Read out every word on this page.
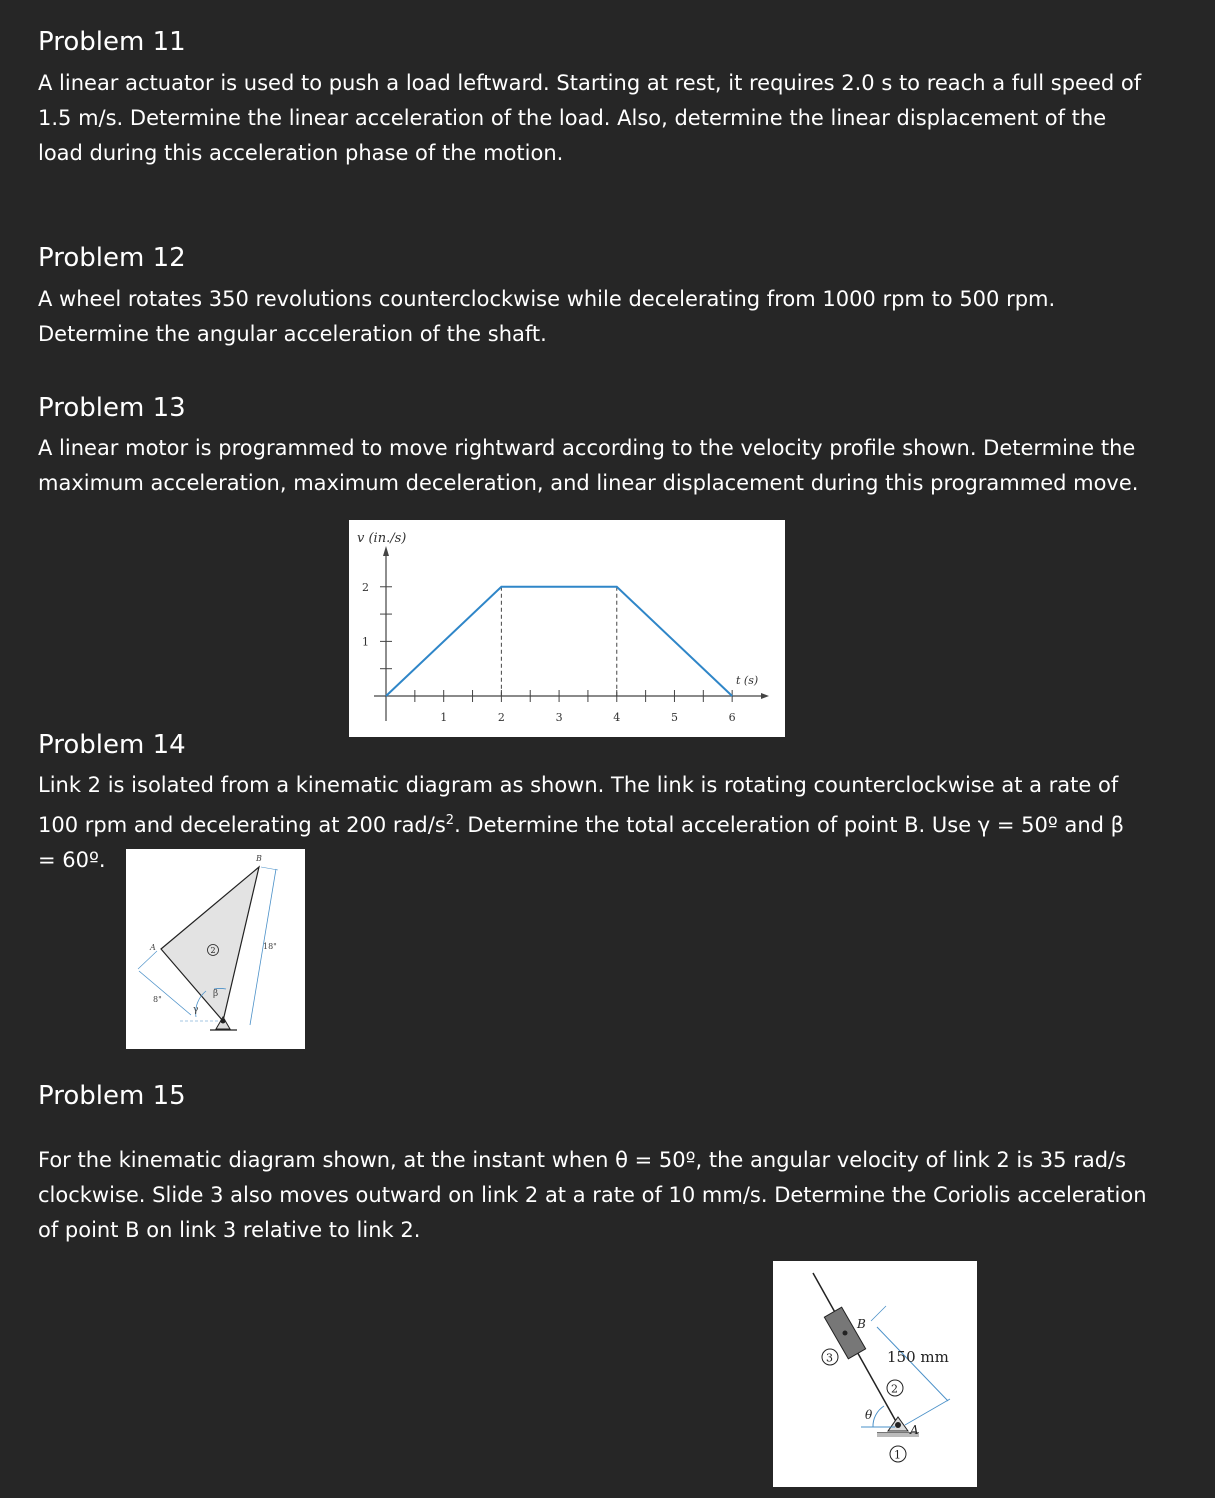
Problem 11

A linear actuator is used to push a load leftward. Starting at rest, it requires 2.0 s to reach a full speed of 1.5 m/s. Determine the linear acceleration of the load. Also, determine the linear displacement of the load during this acceleration phase of the motion.

Problem 12

A wheel rotates 350 revolutions counterclockwise while decelerating from 1000 rpm to 500 rpm. Determine the angular acceleration of the shaft.

Problem 13

A linear motor is programmed to move rightward according to the velocity profile shown. Determine the maximum acceleration, maximum deceleration, and linear displacement during this programmed move.

v (in./s)
t (s)
1	2	3	4	5	6
1
2
Problem 14

Link 2 is isolated from a kinematic diagram as shown. The link is rotating counterclockwise at a rate of 100 rpm and decelerating at 200 rad/$s^2$. Determine the total acceleration of point B. Use γ = 50º and β = 60º.

2
A
B
18"
8"
β
γ
Problem 15

For the kinematic diagram shown, at the instant when θ = 50º, the angular velocity of link 2 is 35 rad/s clockwise. Slide 3 also moves outward on link 2 at a rate of 10 mm/s. Determine the Coriolis acceleration of point B on link 3 relative to link 2.

θ
150 mm
B
3
2
1
A
